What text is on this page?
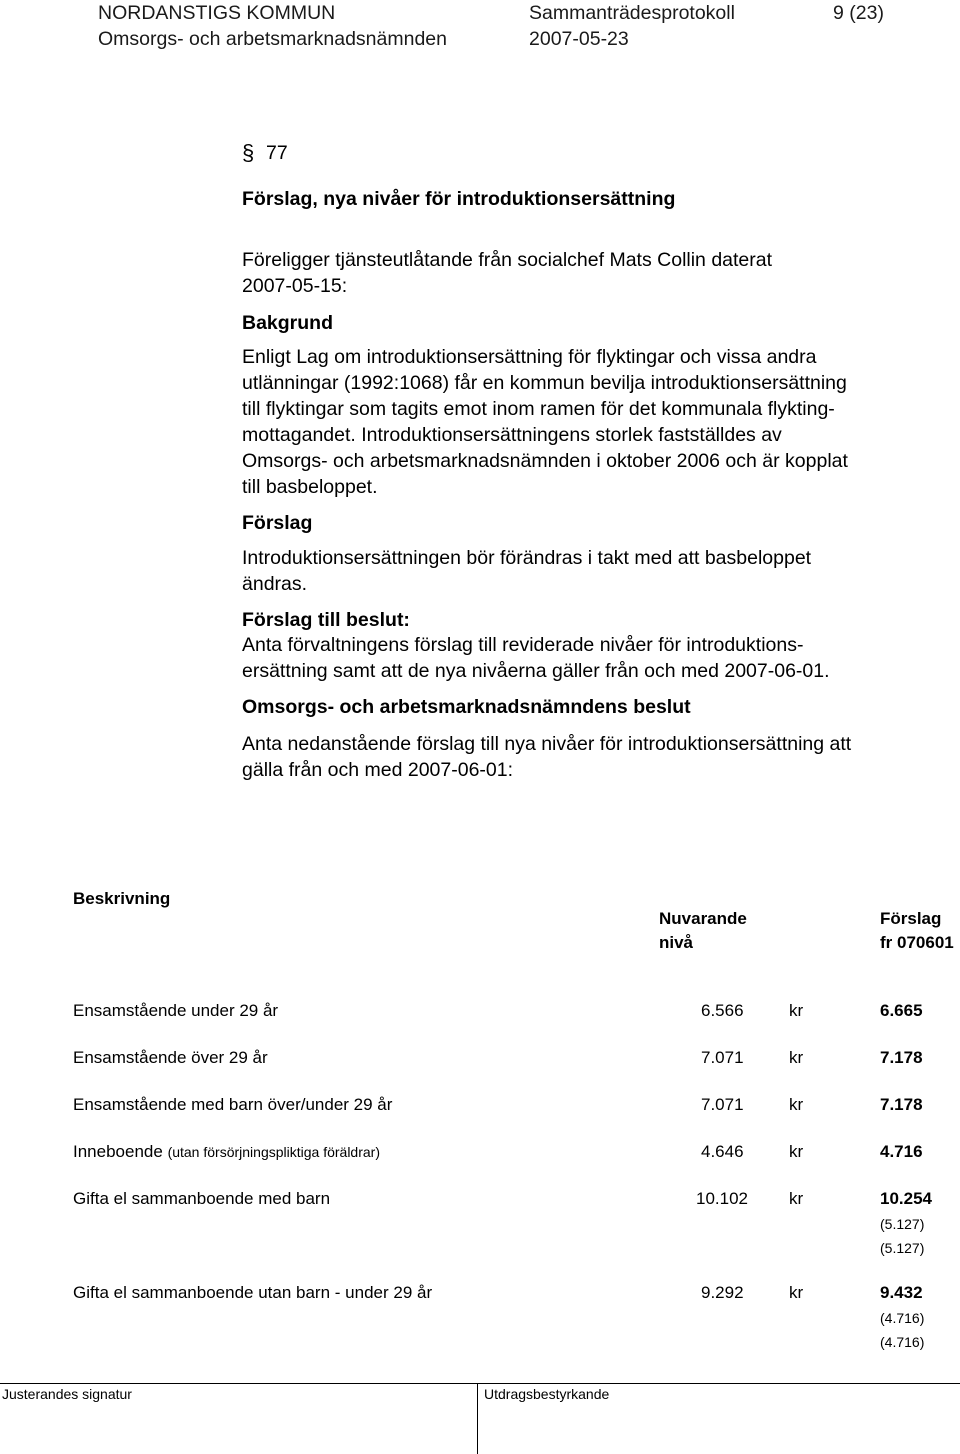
NORDANSTIGS KOMMUN	Sammanträdesprotokoll	9 (23)
Omsorgs- och arbetsmarknadsnämnden	2007-05-23
§ 77
Förslag, nya nivåer för introduktionsersättning
Föreligger tjänsteutlåtande från socialchef Mats Collin daterat
2007-05-15:
Bakgrund
Enligt Lag om introduktionsersättning för flyktingar och vissa andra
utlänningar (1992:1068) får en kommun bevilja introduktionsersättning
till flyktingar som tagits emot inom ramen för det kommunala flykting-
mottagandet. Introduktionsersättningens storlek fastställdes av
Omsorgs- och arbetsmarknadsnämnden i oktober 2006 och är kopplat
till basbeloppet.
Förslag
Introduktionsersättningen bör förändras i takt med att basbeloppet
ändras.
Förslag till beslut:
Anta förvaltningens förslag till reviderade nivåer för introduktions-
ersättning samt att de nya nivåerna gäller från och med 2007-06-01.
Omsorgs- och arbetsmarknadsnämndens beslut
Anta nedanstående förslag till nya nivåer för introduktionsersättning att
gälla från och med 2007-06-01:
Beskrivning
Nuvarande
nivå
Förslag
fr 070601
Ensamstående under 29 år	6.566	kr	6.665
Ensamstående över 29 år	7.071	kr	7.178
Ensamstående med barn över/under 29 år	7.071	kr	7.178
Inneboende (utan försörjningspliktiga föräldrar)	4.646	kr	4.716
Gifta el sammanboende med barn	10.102 kr	10.254
(5.127)
(5.127)
Gifta el sammanboende utan barn - under 29 år	9.292	kr	9.432
(4.716)
(4.716)
Justerandes signatur	Utdragsbestyrkande
